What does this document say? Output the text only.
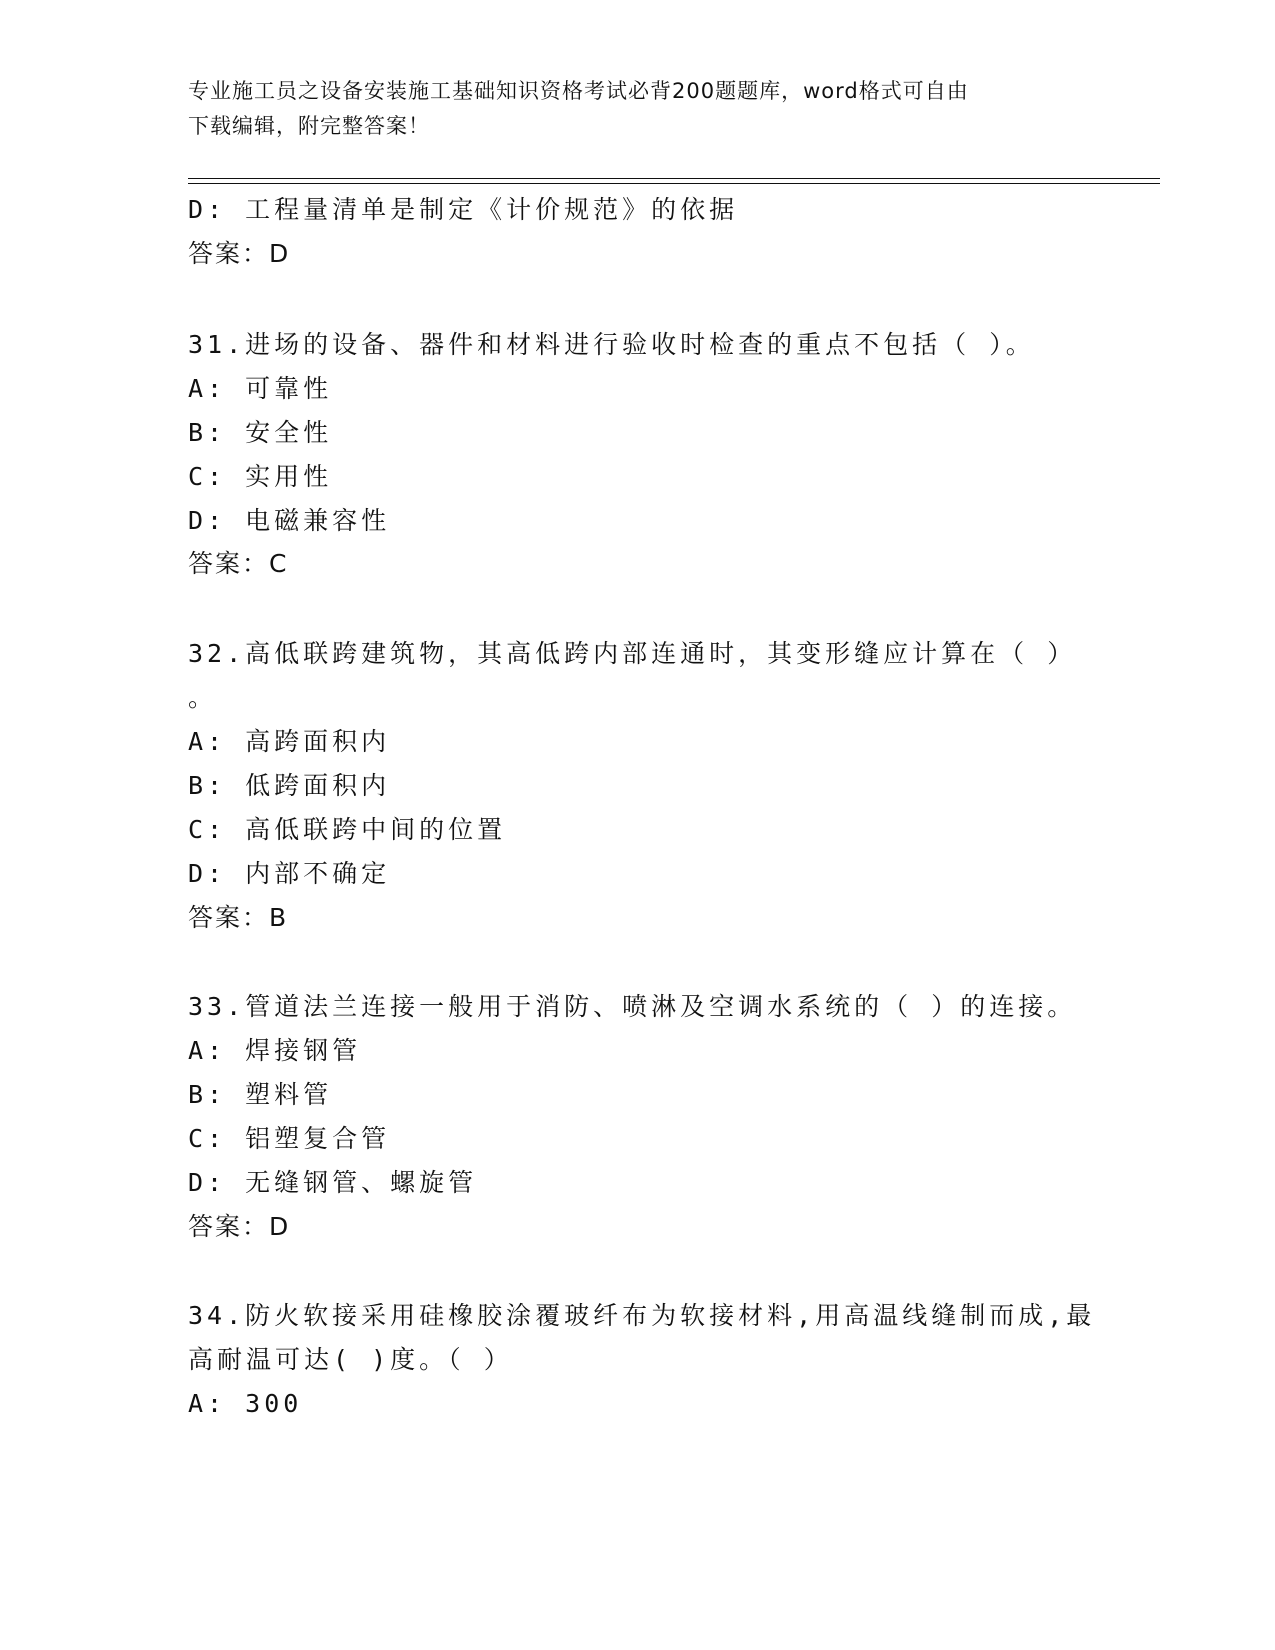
专业施工员之设备安装施工基础知识资格考试必背200题题库，word格式可自由
下载编辑，附完整答案！
D: 工程量清单是制定《计价规范》的依据
答案：D
31.进场的设备、器件和材料进行验收时检查的重点不包括（ ）。
A: 可靠性
B: 安全性
C: 实用性
D: 电磁兼容性
答案：C
32.高低联跨建筑物，其高低跨内部连通时，其变形缝应计算在（ ）
。
A: 高跨面积内
B: 低跨面积内
C: 高低联跨中间的位置
D: 内部不确定
答案：B
33.管道法兰连接一般用于消防、喷淋及空调水系统的（ ）的连接。
A: 焊接钢管
B: 塑料管
C: 铝塑复合管
D: 无缝钢管、螺旋管
答案：D
34.防火软接采用硅橡胶涂覆玻纤布为软接材料,用高温线缝制而成,最
高耐温可达( )度。（ ）
A: 300
